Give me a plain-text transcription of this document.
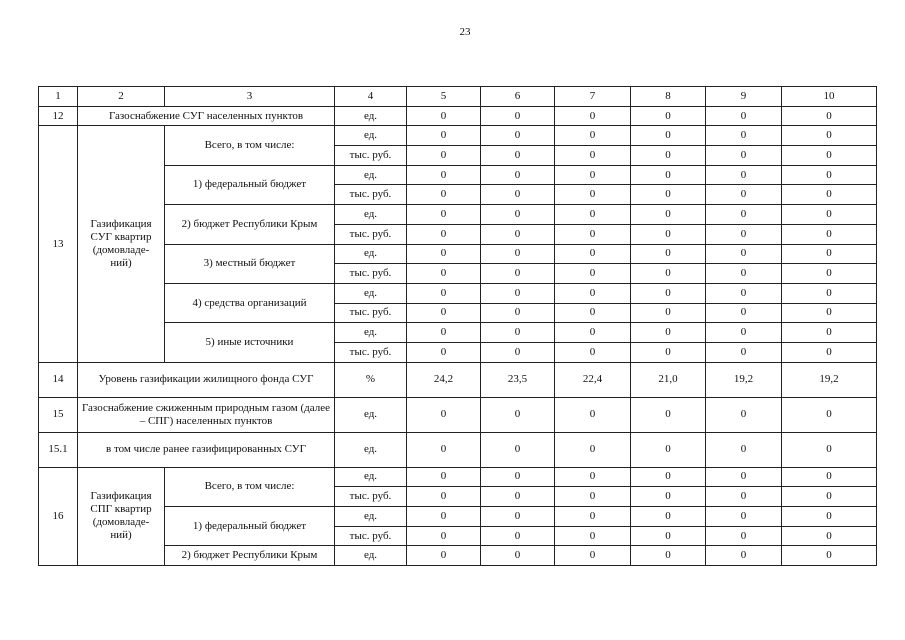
23
1	2	3	4	5	6	7	8	9	10
12	Газоснабжение СУГ населенных пунктов		ед.	0	0	0	0	0	0
13	Газификация
СУГ квартир
(домовладе-
ний)	Всего, в том числе:	ед.	0	0	0	0	0	0
			тыс. руб.	0	0	0	0	0	0
		1) федеральный бюджет	ед.	0	0	0	0	0	0
			тыс. руб.	0	0	0	0	0	0
		2) бюджет Республики Крым	ед.	0	0	0	0	0	0
			тыс. руб.	0	0	0	0	0	0
		3) местный бюджет	ед.	0	0	0	0	0	0
			тыс. руб.	0	0	0	0	0	0
		4) средства организаций	ед.	0	0	0	0	0	0
			тыс. руб.	0	0	0	0	0	0
		5) иные источники	ед.	0	0	0	0	0	0
			тыс. руб.	0	0	0	0	0	0
14	Уровень газификации жилищного фонда СУГ		%	24,2	23,5	22,4	21,0	19,2	19,2
15	Газоснабжение сжиженным природным газом (далее – СПГ) населенных пунктов		ед.	0	0	0	0	0	0
15.1	в том числе ранее газифицированных СУГ		ед.	0	0	0	0	0	0
16	Газификация
СПГ квартир
(домовладе-
ний)	Всего, в том числе:	ед.	0	0	0	0	0	0
			тыс. руб.	0	0	0	0	0	0
		1) федеральный бюджет	ед.	0	0	0	0	0	0
			тыс. руб.	0	0	0	0	0	0
		2) бюджет Республики Крым	ед.	0	0	0	0	0	0
